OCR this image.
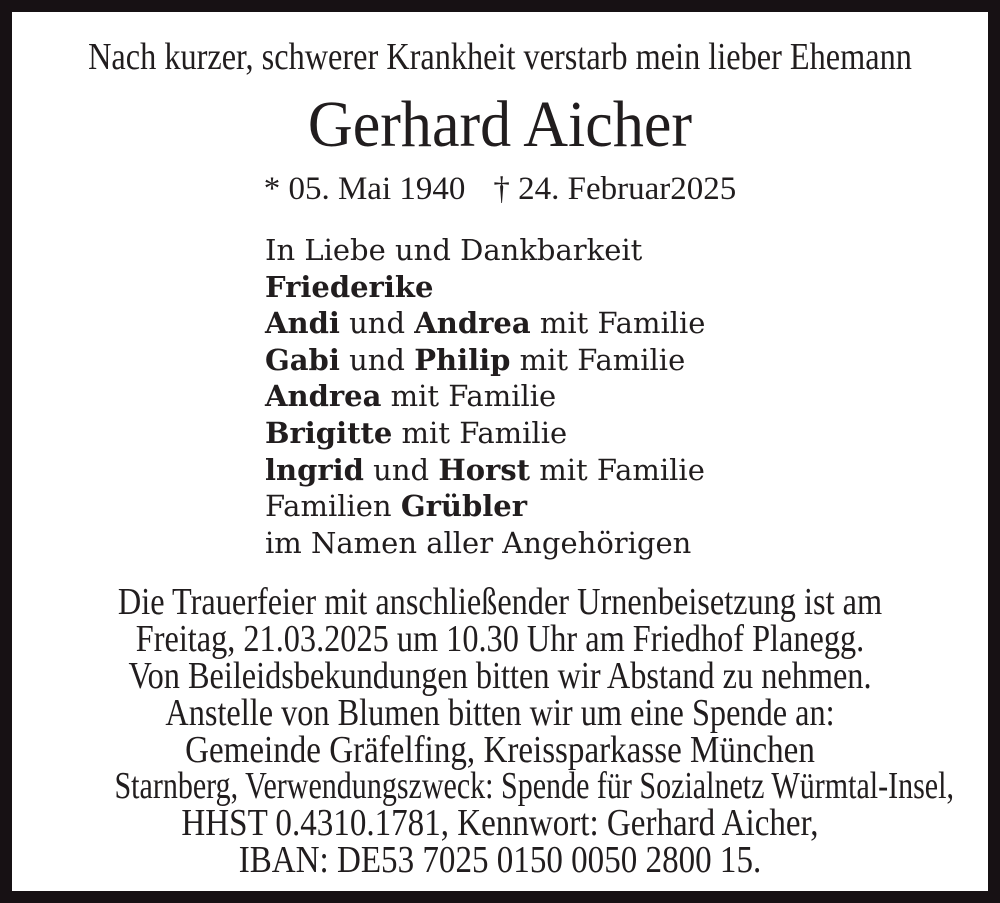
Nach kurzer, schwerer Krankheit verstarb mein lieber Ehemann

Gerhard Aicher

* 05. Mai 1940 † 24. Februar2025

In Liebe und Dankbarkeit

Friederike

Andi und Andrea mit Familie

Gabi und Philip mit Familie

Andrea mit Familie

Brigitte mit Familie

lngrid und Horst mit Familie

Familien Grübler

im Namen aller Angehörigen

Die Trauerfeier mit anschließender Urnenbeisetzung ist am

Freitag, 21.03.2025 um 10.30 Uhr am Friedhof Planegg.

Von Beileidsbekundungen bitten wir Abstand zu nehmen.

Anstelle von Blumen bitten wir um eine Spende an:

Gemeinde Gräfelfing, Kreissparkasse München

Starnberg, Verwendungszweck: Spende für Sozialnetz Würmtal-Insel,

HHST 0.4310.1781, Kennwort: Gerhard Aicher,

IBAN: DE53 7025 0150 0050 2800 15.
